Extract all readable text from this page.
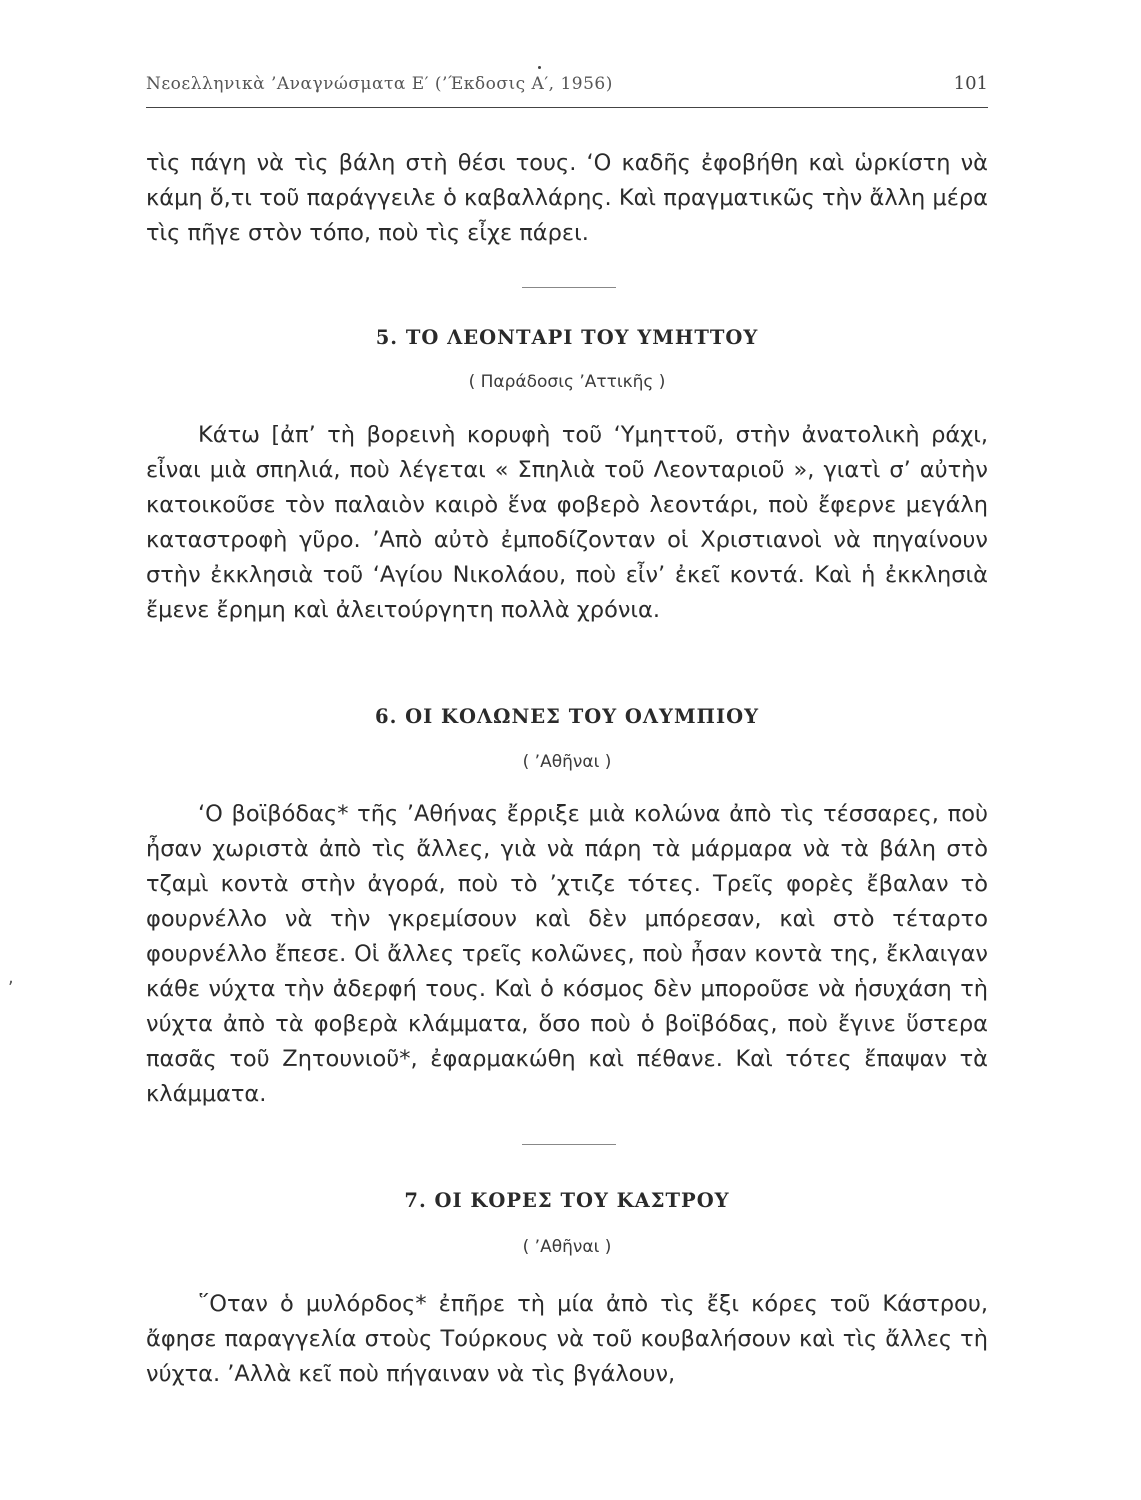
Νεοελληνικὰ ’Αναγνώσματα Ε′ (’Έκδοσις Α′, 1956)	101

τὶς πάγη νὰ τὶς βάλη στὴ θέσι τους. ‘Ο καδῆς ἐφοβήθη καὶ ὡρκίστη νὰ κάμη ὅ,τι τοῦ παράγγειλε ὁ καβαλλάρης. Καὶ πραγματικῶς τὴν ἄλλη μέρα τὶς πῆγε στὸν τόπο, ποὺ τὶς εἶχε πάρει.

5. ΤΟ ΛΕΟΝΤΑΡΙ ΤΟΥ ΥΜΗΤΤΟΥ

( Παράδοσις ’Αττικῆς )

Κάτω [ἀπ’ τὴ βορεινὴ κορυφὴ τοῦ ‘Υμηττοῦ, στὴν ἀνατολικὴ ράχι, εἶναι μιὰ σπηλιά, ποὺ λέγεται « Σπηλιὰ τοῦ Λεονταριοῦ », γιατὶ σ’ αὐτὴν κατοικοῦσε τὸν παλαιὸν καιρὸ ἕνα φοβερὸ λεοντάρι, ποὺ ἔφερνε μεγάλη καταστροφὴ γῦρο. ’Απὸ αὐτὸ ἐμποδίζονταν οἱ Χριστιανοὶ νὰ πηγαίνουν στὴν ἐκκλησιὰ τοῦ ‘Αγίου Νικολάου, ποὺ εἶν’ ἐκεῖ κοντά. Καὶ ἡ ἐκκλησιὰ ἔμενε ἔρημη καὶ ἀλειτούργητη πολλὰ χρόνια.

6. ΟΙ ΚΟΛΩΝΕΣ ΤΟΥ ΟΛΥΜΠΙΟΥ

( ’Αθῆναι )

‘Ο βοϊβόδας* τῆς ’Αθήνας ἔρριξε μιὰ κολώνα ἀπὸ τὶς τέσσαρες, ποὺ ἦσαν χωριστὰ ἀπὸ τὶς ἄλλες, γιὰ νὰ πάρη τὰ μάρμαρα νὰ τὰ βάλη στὸ τζαμὶ κοντὰ στὴν ἀγορά, ποὺ τὸ ’χτιζε τότες. Τρεῖς φορὲς ἔβαλαν τὸ φουρνέλλο νὰ τὴν γκρεμίσουν καὶ δὲν μπόρεσαν, καὶ στὸ τέταρτο φουρνέλλο ἔπεσε. Οἱ ἄλλες τρεῖς κολῶνες, ποὺ ἦσαν κοντὰ της, ἔκλαιγαν κάθε νύχτα τὴν ἀδερφή τους. Καὶ ὁ κόσμος δὲν μποροῦσε νὰ ἡσυχάση τὴ νύχτα ἀπὸ τὰ φοβερὰ κλάμματα, ὅσο ποὺ ὁ βοϊβόδας, ποὺ ἔγινε ὕστερα πασᾶς τοῦ Ζητουνιοῦ*, ἐφαρμακώθη καὶ πέθανε. Καὶ τότες ἔπαψαν τὰ κλάμματα.

7. ΟΙ ΚΟΡΕΣ ΤΟΥ ΚΑΣΤΡΟΥ

( ’Αθῆναι )

῞Οταν ὁ μυλόρδος* ἐπῆρε τὴ μία ἀπὸ τὶς ἔξι κόρες τοῦ Κάστρου, ἄφησε παραγγελία στοὺς Τούρκους νὰ τοῦ κουβαλήσουν καὶ τὶς ἄλλες τὴ νύχτα. ’Αλλὰ κεῖ ποὺ πήγαιναν νὰ τὶς βγάλουν,

,
